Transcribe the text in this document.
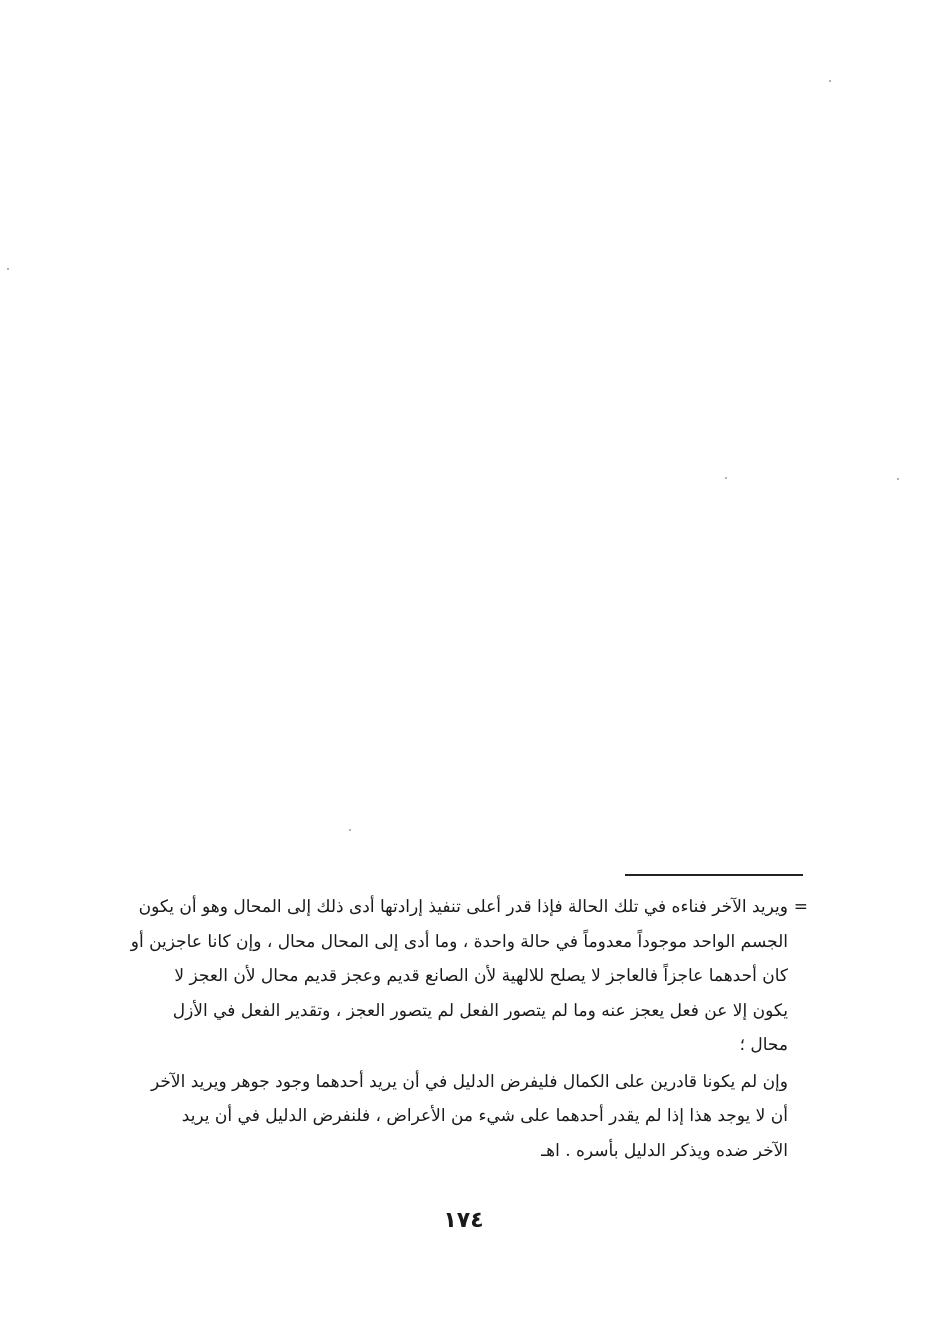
=

ويريد الآخر فناءه في تلك الحالة فإذا قدر أعلى تنفيذ إرادتها أدى ذلك إلى المحال وهو أن يكون
الجسم الواحد موجوداً معدوماً في حالة واحدة ، وما أدى إلى المحال محال ، وإن كانا عاجزين أو
كان أحدهما عاجزاً فالعاجز لا يصلح للالهية لأن الصانع قديم وعجز قديم محال لأن العجز لا
يكون إلا عن فعل يعجز عنه وما لم يتصور الفعل لم يتصور العجز ، وتقدير الفعل في الأزل
محال ؛

وإن لم يكونا قادرين على الكمال فليفرض الدليل في أن يريد أحدهما وجود جوهر ويريد الآخر
أن لا يوجد هذا إذا لم يقدر أحدهما على شيء من الأعراض ، فلنفرض الدليل في أن يريد
الآخر ضده ويذكر الدليل بأسره . اهـ

١٧٤
